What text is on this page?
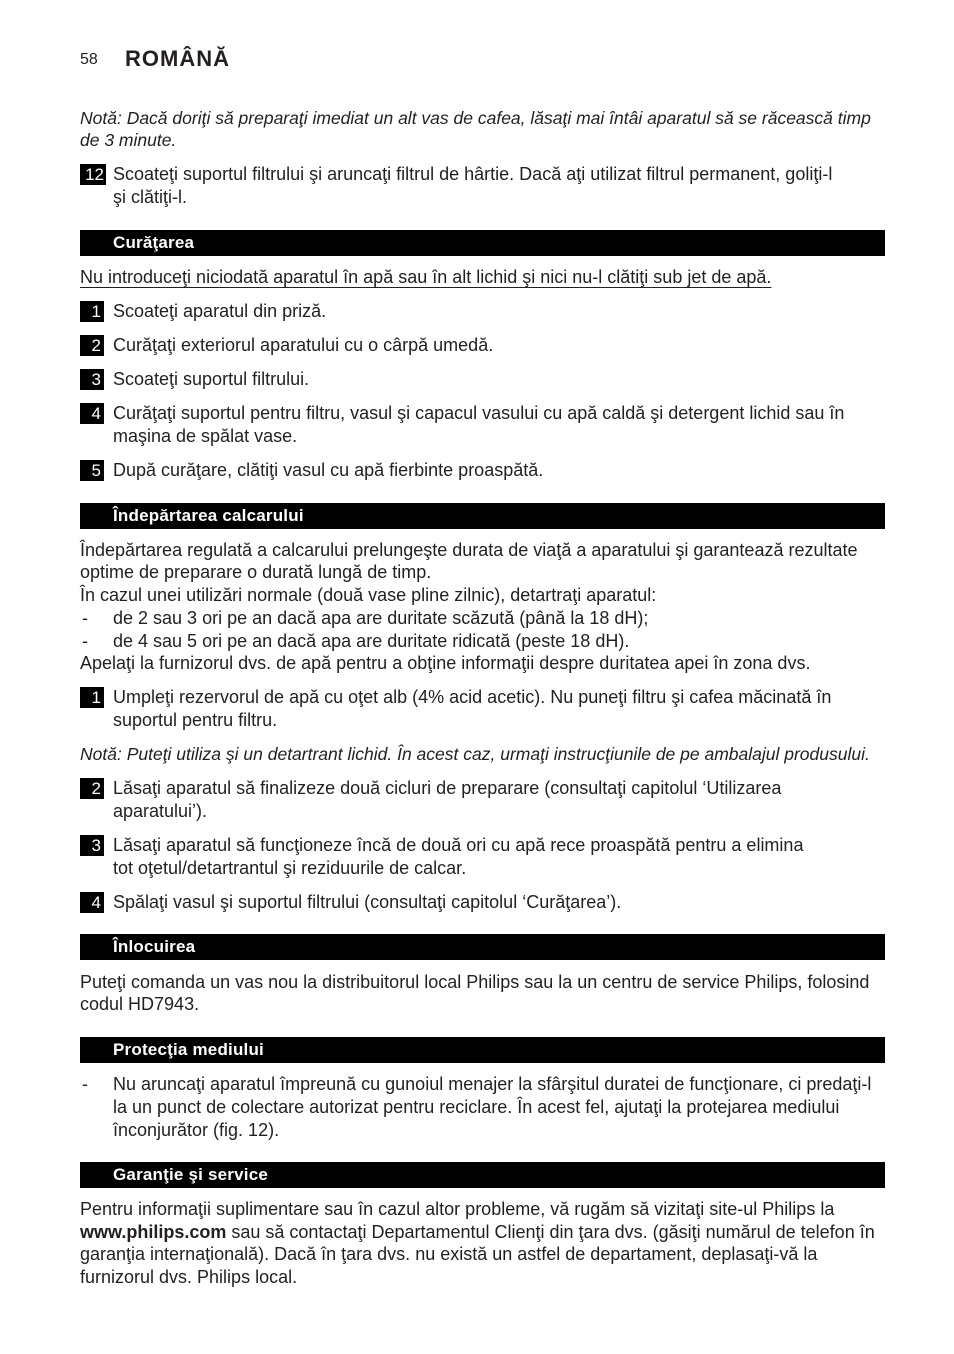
58 ROMÂNĂ
Notă: Dacă doriţi să preparaţi imediat un alt vas de cafea, lăsaţi mai întâi aparatul să se răcească timp
de 3 minute.
12 Scoateţi suportul filtrului şi aruncaţi filtrul de hârtie. Dacă aţi utilizat filtrul permanent, goliţi-l
şi clătiţi-l.
Curăţarea
Nu introduceţi niciodată aparatul în apă sau în alt lichid şi nici nu-l clătiţi sub jet de apă.
1 Scoateţi aparatul din priză.
2 Curăţaţi exteriorul aparatului cu o cârpă umedă.
3 Scoateţi suportul filtrului.
4 Curăţaţi suportul pentru filtru, vasul şi capacul vasului cu apă caldă şi detergent lichid sau în
maşina de spălat vase.
5 După curăţare, clătiţi vasul cu apă fierbinte proaspătă.
Îndepărtarea calcarului
Îndepărtarea regulată a calcarului prelungeşte durata de viaţă a aparatului şi garantează rezultate
optime de preparare o durată lungă de timp.
În cazul unei utilizări normale (două vase pline zilnic), detartraţi aparatul:
- de 2 sau 3 ori pe an dacă apa are duritate scăzută (până la 18 dH);
- de 4 sau 5 ori pe an dacă apa are duritate ridicată (peste 18 dH).
Apelaţi la furnizorul dvs. de apă pentru a obţine informaţii despre duritatea apei în zona dvs.
1 Umpleţi rezervorul de apă cu oţet alb (4% acid acetic). Nu puneţi filtru şi cafea măcinată în
suportul pentru filtru.
Notă: Puteţi utiliza şi un detartrant lichid. În acest caz, urmaţi instrucţiunile de pe ambalajul produsului.
2 Lăsaţi aparatul să finalizeze două cicluri de preparare (consultaţi capitolul ‘Utilizarea
aparatului’).
3 Lăsaţi aparatul să funcţioneze încă de două ori cu apă rece proaspătă pentru a elimina
tot oţetul/detartrantul şi reziduurile de calcar.
4 Spălaţi vasul şi suportul filtrului (consultaţi capitolul ‘Curăţarea’).
Înlocuirea
Puteţi comanda un vas nou la distribuitorul local Philips sau la un centru de service Philips, folosind
codul HD7943.
Protecţia mediului
- Nu aruncaţi aparatul împreună cu gunoiul menajer la sfârşitul duratei de funcţionare, ci predaţi-l
la un punct de colectare autorizat pentru reciclare. În acest fel, ajutaţi la protejarea mediului
înconjurător (fig. 12).
Garanţie şi service
Pentru informaţii suplimentare sau în cazul altor probleme, vă rugăm să vizitaţi site-ul Philips la
www.philips.com sau să contactaţi Departamentul Clienţi din ţara dvs. (găsiţi numărul de telefon în
garanţia internaţională). Dacă în ţara dvs. nu există un astfel de departament, deplasaţi-vă la
furnizorul dvs. Philips local.
